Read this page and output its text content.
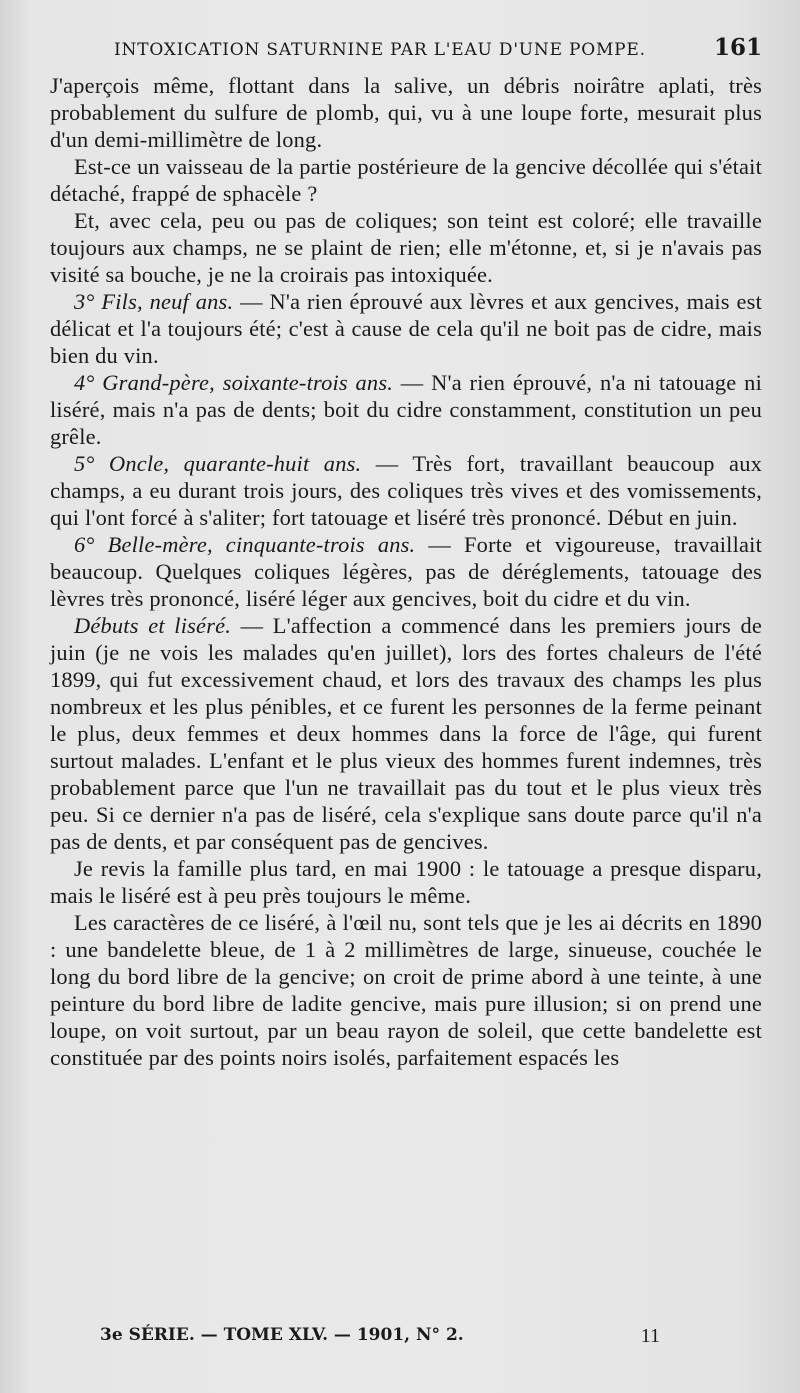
INTOXICATION SATURNINE PAR L'EAU D'UNE POMPE.	161

J'aperçois même, flottant dans la salive, un débris noirâtre aplati, très probablement du sulfure de plomb, qui, vu à une loupe forte, mesurait plus d'un demi-millimètre de long.

Est-ce un vaisseau de la partie postérieure de la gencive décollée qui s'était détaché, frappé de sphacèle ?

Et, avec cela, peu ou pas de coliques; son teint est coloré; elle travaille toujours aux champs, ne se plaint de rien; elle m'étonne, et, si je n'avais pas visité sa bouche, je ne la croirais pas intoxiquée.

3° Fils, neuf ans. — N'a rien éprouvé aux lèvres et aux gencives, mais est délicat et l'a toujours été; c'est à cause de cela qu'il ne boit pas de cidre, mais bien du vin.

4° Grand-père, soixante-trois ans. — N'a rien éprouvé, n'a ni tatouage ni liséré, mais n'a pas de dents; boit du cidre constamment, constitution un peu grêle.

5° Oncle, quarante-huit ans. — Très fort, travaillant beaucoup aux champs, a eu durant trois jours, des coliques très vives et des vomissements, qui l'ont forcé à s'aliter; fort tatouage et liséré très prononcé. Début en juin.

6° Belle-mère, cinquante-trois ans. — Forte et vigoureuse, travaillait beaucoup. Quelques coliques légères, pas de déréglements, tatouage des lèvres très prononcé, liséré léger aux gencives, boit du cidre et du vin.

Débuts et liséré. — L'affection a commencé dans les premiers jours de juin (je ne vois les malades qu'en juillet), lors des fortes chaleurs de l'été 1899, qui fut excessivement chaud, et lors des travaux des champs les plus nombreux et les plus pénibles, et ce furent les personnes de la ferme peinant le plus, deux femmes et deux hommes dans la force de l'âge, qui furent surtout malades. L'enfant et le plus vieux des hommes furent indemnes, très probablement parce que l'un ne travaillait pas du tout et le plus vieux très peu. Si ce dernier n'a pas de liséré, cela s'explique sans doute parce qu'il n'a pas de dents, et par conséquent pas de gencives.

Je revis la famille plus tard, en mai 1900 : le tatouage a presque disparu, mais le liséré est à peu près toujours le même.

Les caractères de ce liséré, à l'œil nu, sont tels que je les ai décrits en 1890 : une bandelette bleue, de 1 à 2 millimètres de large, sinueuse, couchée le long du bord libre de la gencive; on croit de prime abord à une teinte, à une peinture du bord libre de ladite gencive, mais pure illusion; si on prend une loupe, on voit surtout, par un beau rayon de soleil, que cette bandelette est constituée par des points noirs isolés, parfaitement espacés les

3e SÉRIE. — TOME XLV. — 1901, N° 2.	11
